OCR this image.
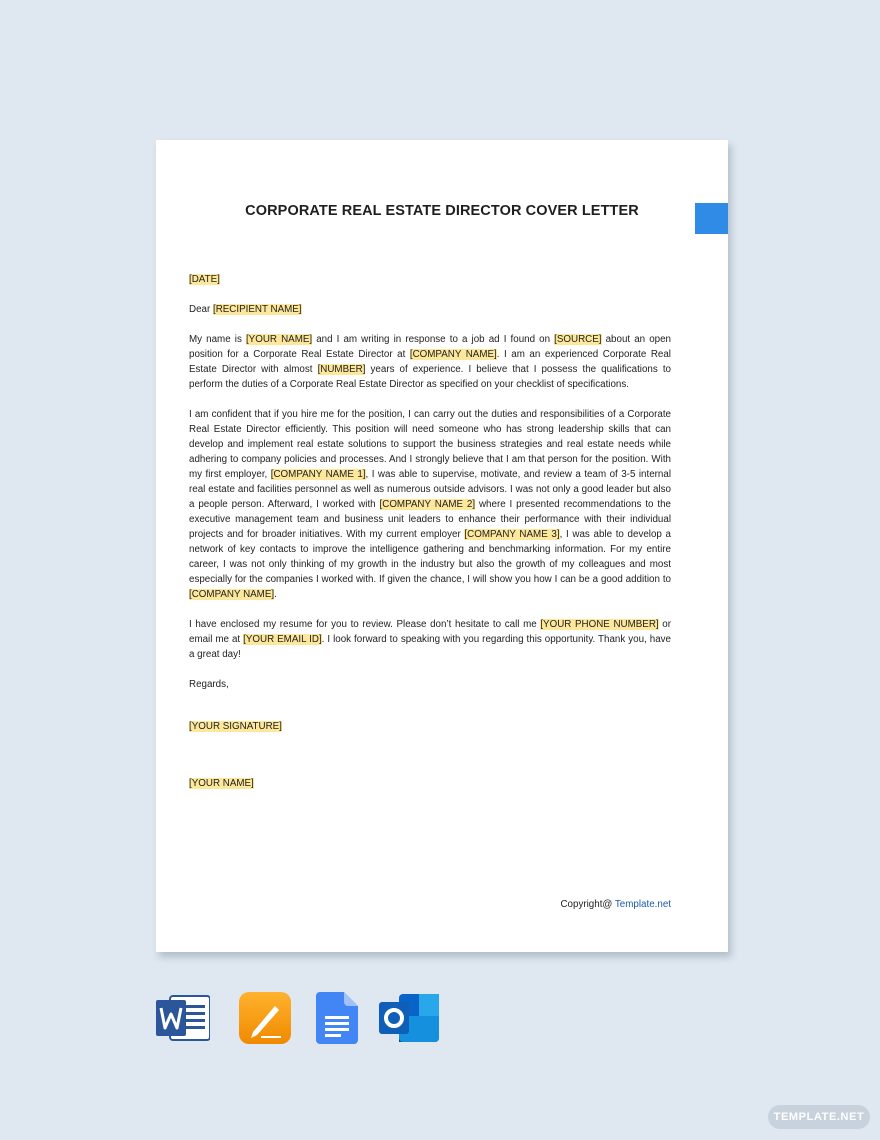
CORPORATE REAL ESTATE DIRECTOR COVER LETTER

[DATE]

Dear [RECIPIENT NAME]

My name is [YOUR NAME] and I am writing in response to a job ad I found on [SOURCE] about an open position for a Corporate Real Estate Director at [COMPANY NAME]. I am an experienced Corporate Real Estate Director with almost [NUMBER] years of experience. I believe that I possess the qualifications to perform the duties of a Corporate Real Estate Director as specified on your checklist of specifications.

I am confident that if you hire me for the position, I can carry out the duties and responsibilities of a Corporate Real Estate Director efficiently. This position will need someone who has strong leadership skills that can develop and implement real estate solutions to support the business strategies and real estate needs while adhering to company policies and processes. And I strongly believe that I am that person for the position. With my first employer, [COMPANY NAME 1], I was able to supervise, motivate, and review a team of 3-5 internal real estate and facilities personnel as well as numerous outside advisors. I was not only a good leader but also a people person. Afterward, I worked with [COMPANY NAME 2] where I presented recommendations to the executive management team and business unit leaders to enhance their performance with their individual projects and for broader initiatives. With my current employer [COMPANY NAME 3], I was able to develop a network of key contacts to improve the intelligence gathering and benchmarking information. For my entire career, I was not only thinking of my growth in the industry but also the growth of my colleagues and most especially for the companies I worked with. If given the chance, I will show you how I can be a good addition to [COMPANY NAME].

I have enclosed my resume for you to review. Please don’t hesitate to call me [YOUR PHONE NUMBER] or email me at [YOUR EMAIL ID]. I look forward to speaking with you regarding this opportunity. Thank you, have a great day!

Regards,

[YOUR SIGNATURE]

[YOUR NAME]

Copyright@ Template.net
TEMPLATE.NET
